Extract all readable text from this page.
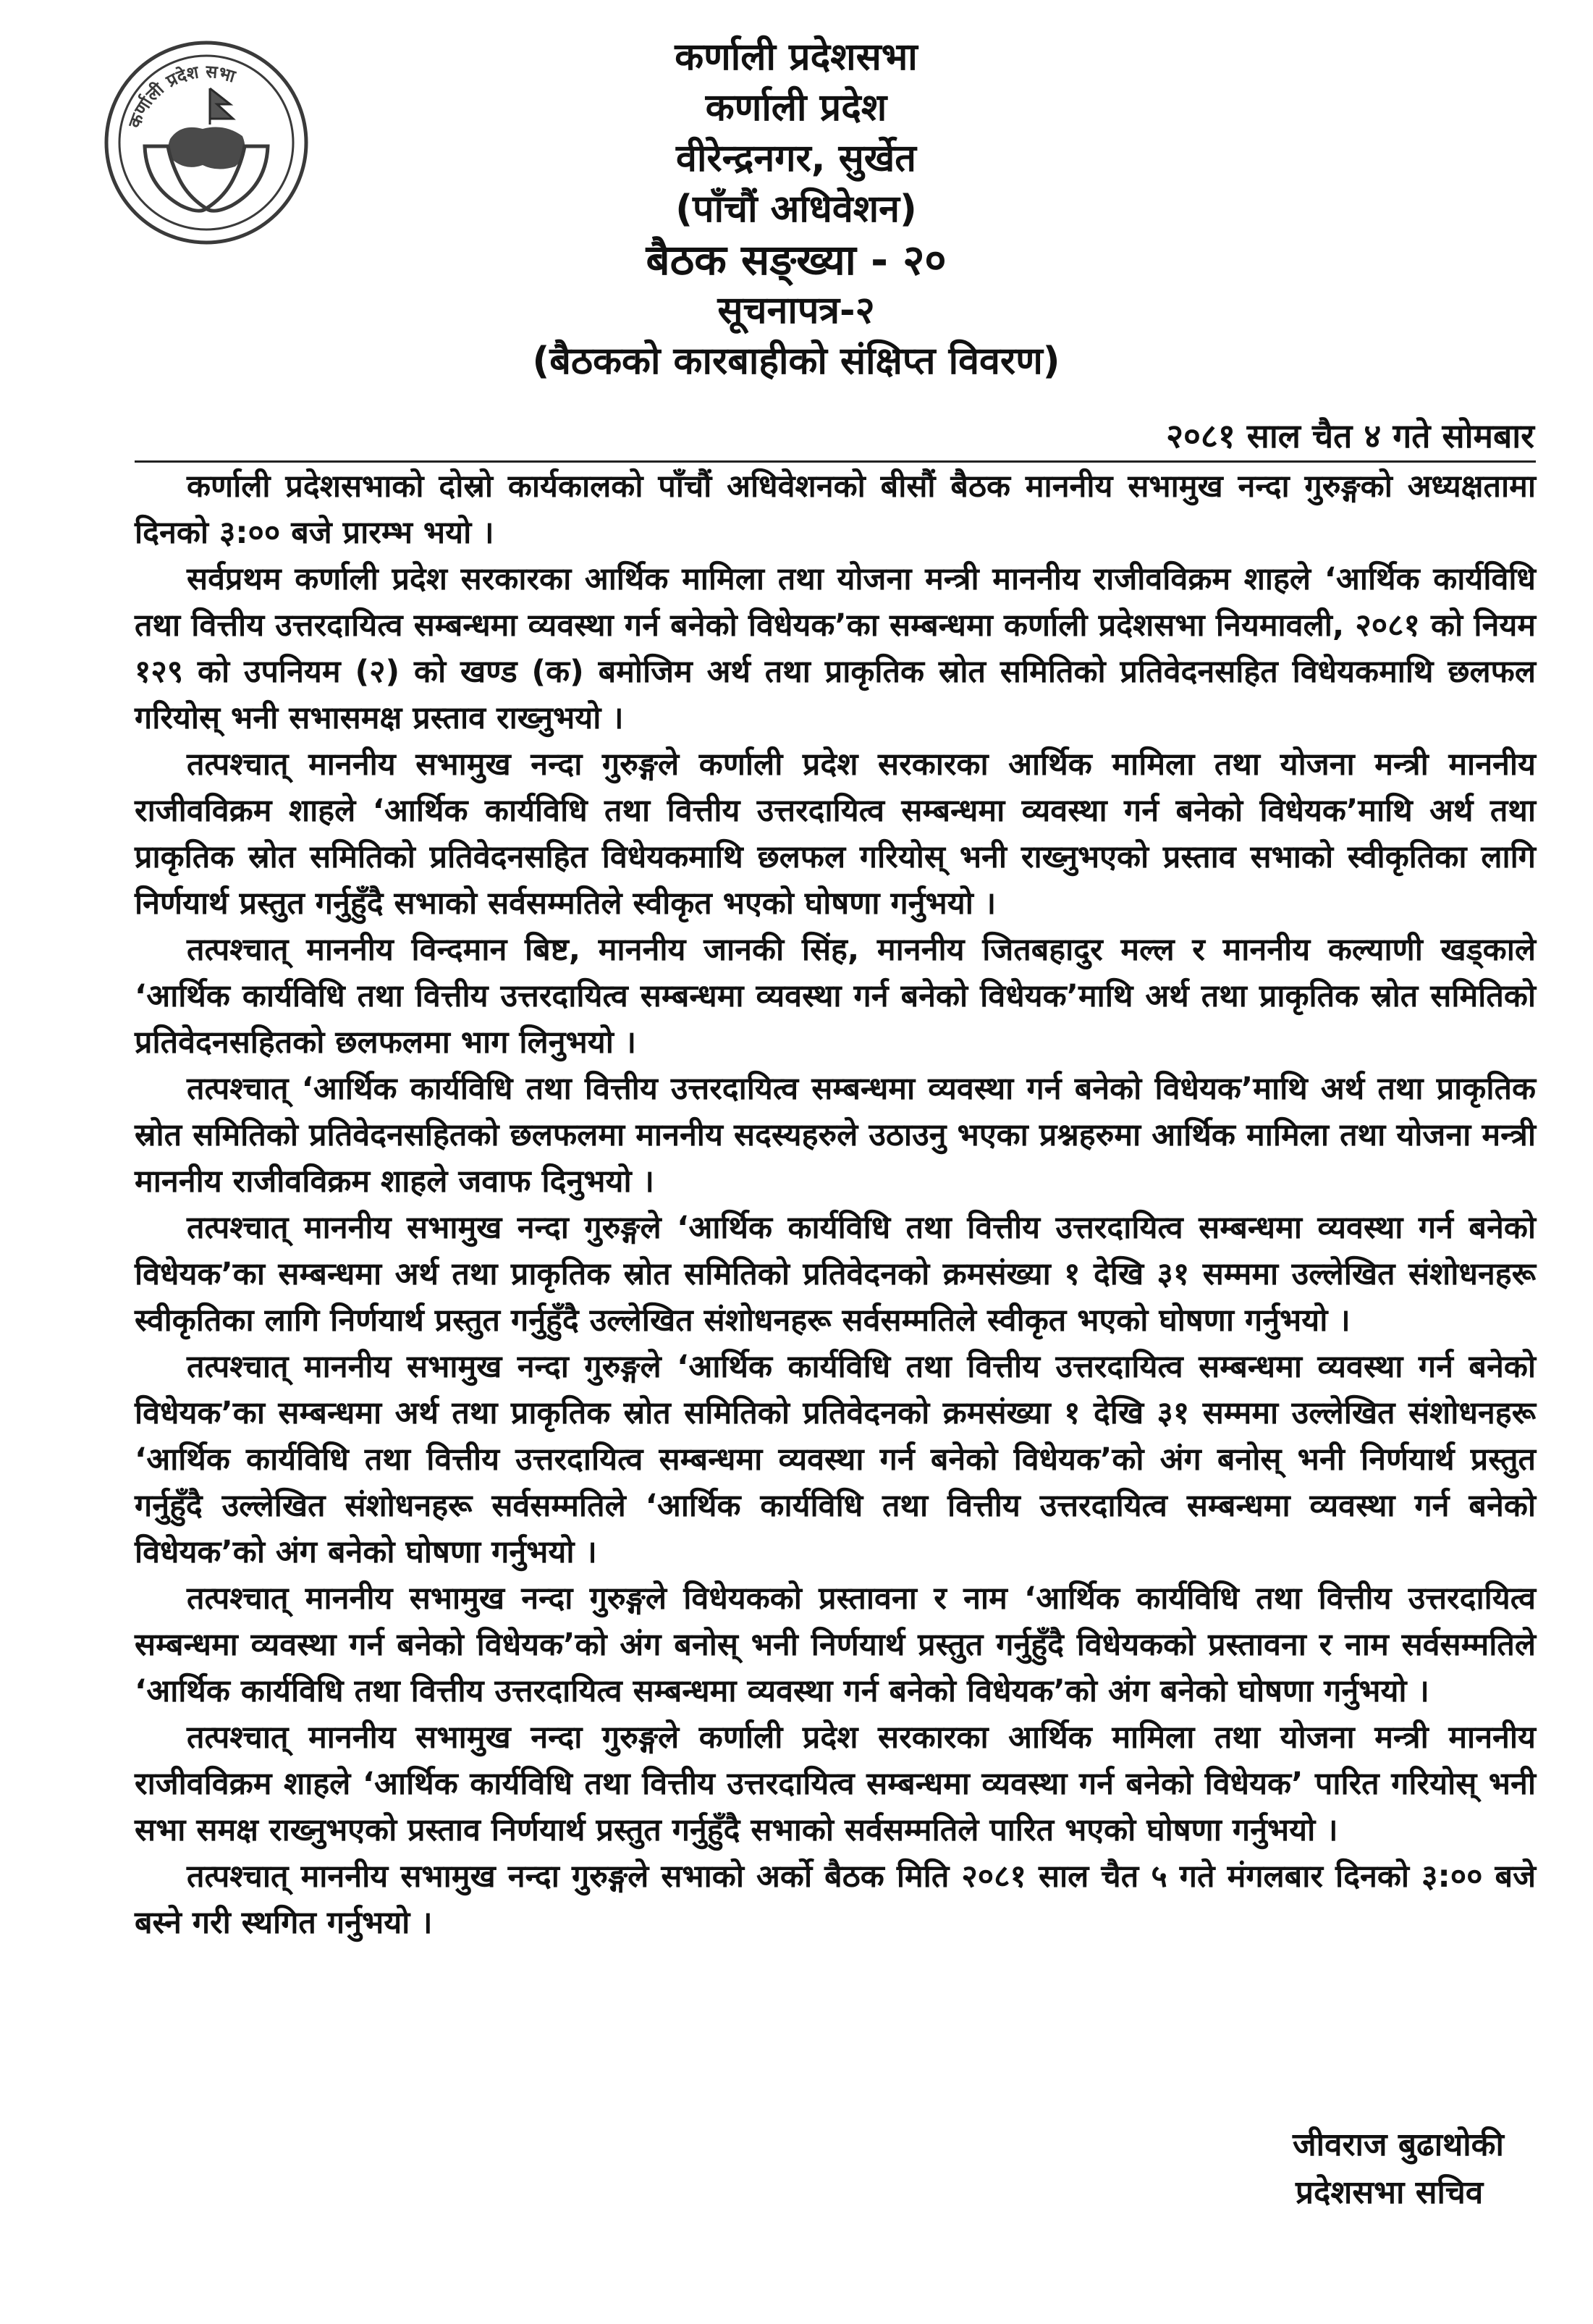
कर्णाली प्रदेश सभा	कर्णाली प्रदेशसभा
कर्णाली प्रदेश
वीरेन्द्रनगर, सुर्खेत
(पाँचौं अधिवेशन)
बैठक सङ्ख्या - २०
सूचनापत्र-२
(बैठकको कारबाहीको संक्षिप्त विवरण)
२०८१ साल चैत ४ गते सोमबार

कर्णाली प्रदेशसभाको दोस्रो कार्यकालको पाँचौं अधिवेशनको बीसौं बैठक माननीय सभामुख नन्दा गुरुङ्गको अध्यक्षतामा दिनको ३:०० बजे प्रारम्भ भयो ।

सर्वप्रथम कर्णाली प्रदेश सरकारका आर्थिक मामिला तथा योजना मन्त्री माननीय राजीवविक्रम शाहले ‘आर्थिक कार्यविधि तथा वित्तीय उत्तरदायित्व सम्बन्धमा व्यवस्था गर्न बनेको विधेयक’का सम्बन्धमा कर्णाली प्रदेशसभा नियमावली, २०८१ को नियम १२९ को उपनियम (२) को खण्ड (क) बमोजिम अर्थ तथा प्राकृतिक स्रोत समितिको प्रतिवेदनसहित विधेयकमाथि छलफल गरियोस् भनी सभासमक्ष प्रस्ताव राख्नुभयो ।

तत्पश्चात् माननीय सभामुख नन्दा गुरुङ्गले कर्णाली प्रदेश सरकारका आर्थिक मामिला तथा योजना मन्त्री माननीय राजीवविक्रम शाहले ‘आर्थिक कार्यविधि तथा वित्तीय उत्तरदायित्व सम्बन्धमा व्यवस्था गर्न बनेको विधेयक’माथि अर्थ तथा प्राकृतिक स्रोत समितिको प्रतिवेदनसहित विधेयकमाथि छलफल गरियोस् भनी राख्नुभएको प्रस्ताव सभाको स्वीकृतिका लागि निर्णयार्थ प्रस्तुत गर्नुहुँदै सभाको सर्वसम्मतिले स्वीकृत भएको घोषणा गर्नुभयो ।

तत्पश्चात् माननीय विन्दमान बिष्ट, माननीय जानकी सिंह, माननीय जितबहादुर मल्ल र माननीय कल्याणी खड्काले ‘आर्थिक कार्यविधि तथा वित्तीय उत्तरदायित्व सम्बन्धमा व्यवस्था गर्न बनेको विधेयक’माथि अर्थ तथा प्राकृतिक स्रोत समितिको प्रतिवेदनसहितको छलफलमा भाग लिनुभयो ।

तत्पश्चात् ‘आर्थिक कार्यविधि तथा वित्तीय उत्तरदायित्व सम्बन्धमा व्यवस्था गर्न बनेको विधेयक’माथि अर्थ तथा प्राकृतिक स्रोत समितिको प्रतिवेदनसहितको छलफलमा माननीय सदस्यहरुले उठाउनु भएका प्रश्नहरुमा आर्थिक मामिला तथा योजना मन्त्री माननीय राजीवविक्रम शाहले जवाफ दिनुभयो ।

तत्पश्चात् माननीय सभामुख नन्दा गुरुङ्गले ‘आर्थिक कार्यविधि तथा वित्तीय उत्तरदायित्व सम्बन्धमा व्यवस्था गर्न बनेको विधेयक’का सम्बन्धमा अर्थ तथा प्राकृतिक स्रोत समितिको प्रतिवेदनको क्रमसंख्या १ देखि ३१ सम्ममा उल्लेखित संशोधनहरू स्वीकृतिका लागि निर्णयार्थ प्रस्तुत गर्नुहुँदै उल्लेखित संशोधनहरू सर्वसम्मतिले स्वीकृत भएको घोषणा गर्नुभयो ।

तत्पश्चात् माननीय सभामुख नन्दा गुरुङ्गले ‘आर्थिक कार्यविधि तथा वित्तीय उत्तरदायित्व सम्बन्धमा व्यवस्था गर्न बनेको विधेयक’का सम्बन्धमा अर्थ तथा प्राकृतिक स्रोत समितिको प्रतिवेदनको क्रमसंख्या १ देखि ३१ सम्ममा उल्लेखित संशोधनहरू ‘आर्थिक कार्यविधि तथा वित्तीय उत्तरदायित्व सम्बन्धमा व्यवस्था गर्न बनेको विधेयक’को अंग बनोस् भनी निर्णयार्थ प्रस्तुत गर्नुहुँदै उल्लेखित संशोधनहरू सर्वसम्मतिले ‘आर्थिक कार्यविधि तथा वित्तीय उत्तरदायित्व सम्बन्धमा व्यवस्था गर्न बनेको विधेयक’को अंग बनेको घोषणा गर्नुभयो ।

तत्पश्चात् माननीय सभामुख नन्दा गुरुङ्गले विधेयकको प्रस्तावना र नाम ‘आर्थिक कार्यविधि तथा वित्तीय उत्तरदायित्व सम्बन्धमा व्यवस्था गर्न बनेको विधेयक’को अंग बनोस् भनी निर्णयार्थ प्रस्तुत गर्नुहुँदै विधेयकको प्रस्तावना र नाम सर्वसम्मतिले ‘आर्थिक कार्यविधि तथा वित्तीय उत्तरदायित्व सम्बन्धमा व्यवस्था गर्न बनेको विधेयक’को अंग बनेको घोषणा गर्नुभयो ।

तत्पश्चात् माननीय सभामुख नन्दा गुरुङ्गले कर्णाली प्रदेश सरकारका आर्थिक मामिला तथा योजना मन्त्री माननीय राजीवविक्रम शाहले ‘आर्थिक कार्यविधि तथा वित्तीय उत्तरदायित्व सम्बन्धमा व्यवस्था गर्न बनेको विधेयक’ पारित गरियोस् भनी सभा समक्ष राख्नुभएको प्रस्ताव निर्णयार्थ प्रस्तुत गर्नुहुँदै सभाको सर्वसम्मतिले पारित भएको घोषणा गर्नुभयो ।

तत्पश्चात् माननीय सभामुख नन्दा गुरुङ्गले सभाको अर्को बैठक मिति २०८१ साल चैत ५ गते मंगलबार दिनको ३:०० बजे बस्ने गरी स्थगित गर्नुभयो ।

जीवराज बुढाथोकी
प्रदेशसभा सचिव
